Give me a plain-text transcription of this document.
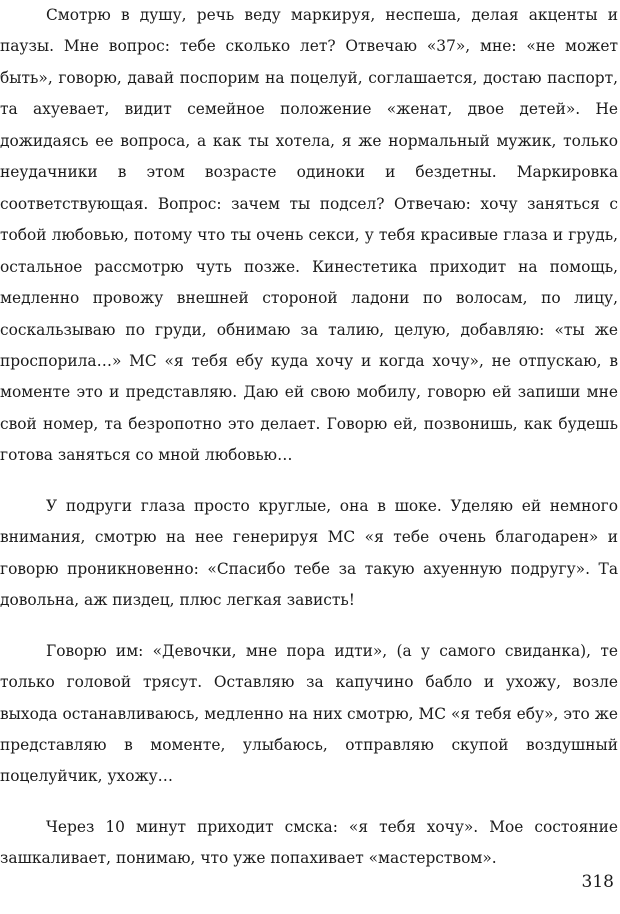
Смотрю в душу, речь веду маркируя, неспеша, делая акценты и паузы. Мне вопрос: тебе сколько лет? Отвечаю «37», мне: «не может быть», говорю, давай поспорим на поцелуй, соглашается, достаю паспорт, та ахуевает, видит семейное положение «женат, двое детей». Не дожидаясь ее вопроса, а как ты хотела, я же нормальный мужик, только неудачники в этом возрасте одиноки и бездетны. Маркировка соответствующая. Вопрос: зачем ты подсел? Отвечаю: хочу заняться с тобой любовью, потому что ты очень секси, у тебя красивые глаза и грудь, остальное рассмотрю чуть позже. Кинестетика приходит на помощь, медленно провожу внешней стороной ладони по волосам, по лицу, соскальзываю по груди, обнимаю за талию, целую, добавляю: «ты же проспорила…» МС «я тебя ебу куда хочу и когда хочу», не отпускаю, в моменте это и представляю. Даю ей свою мобилу, говорю ей запиши мне свой номер, та безропотно это делает. Говорю ей, позвонишь, как будешь готова заняться со мной любовью…

У подруги глаза просто круглые, она в шоке. Уделяю ей немного внимания, смотрю на нее генерируя МС «я тебе очень благодарен» и говорю проникновенно: «Спасибо тебе за такую ахуенную подругу». Та довольна, аж пиздец, плюс легкая зависть!

Говорю им: «Девочки, мне пора идти», (а у самого свиданка), те только головой трясут. Оставляю за капучино бабло и ухожу, возле выхода останавливаюсь, медленно на них смотрю, МС «я тебя ебу», это же представляю в моменте, улыбаюсь, отправляю скупой воздушный поцелуйчик, ухожу…

Через 10 минут приходит смска: «я тебя хочу». Мое состояние зашкаливает, понимаю, что уже попахивает «мастерством».

318
